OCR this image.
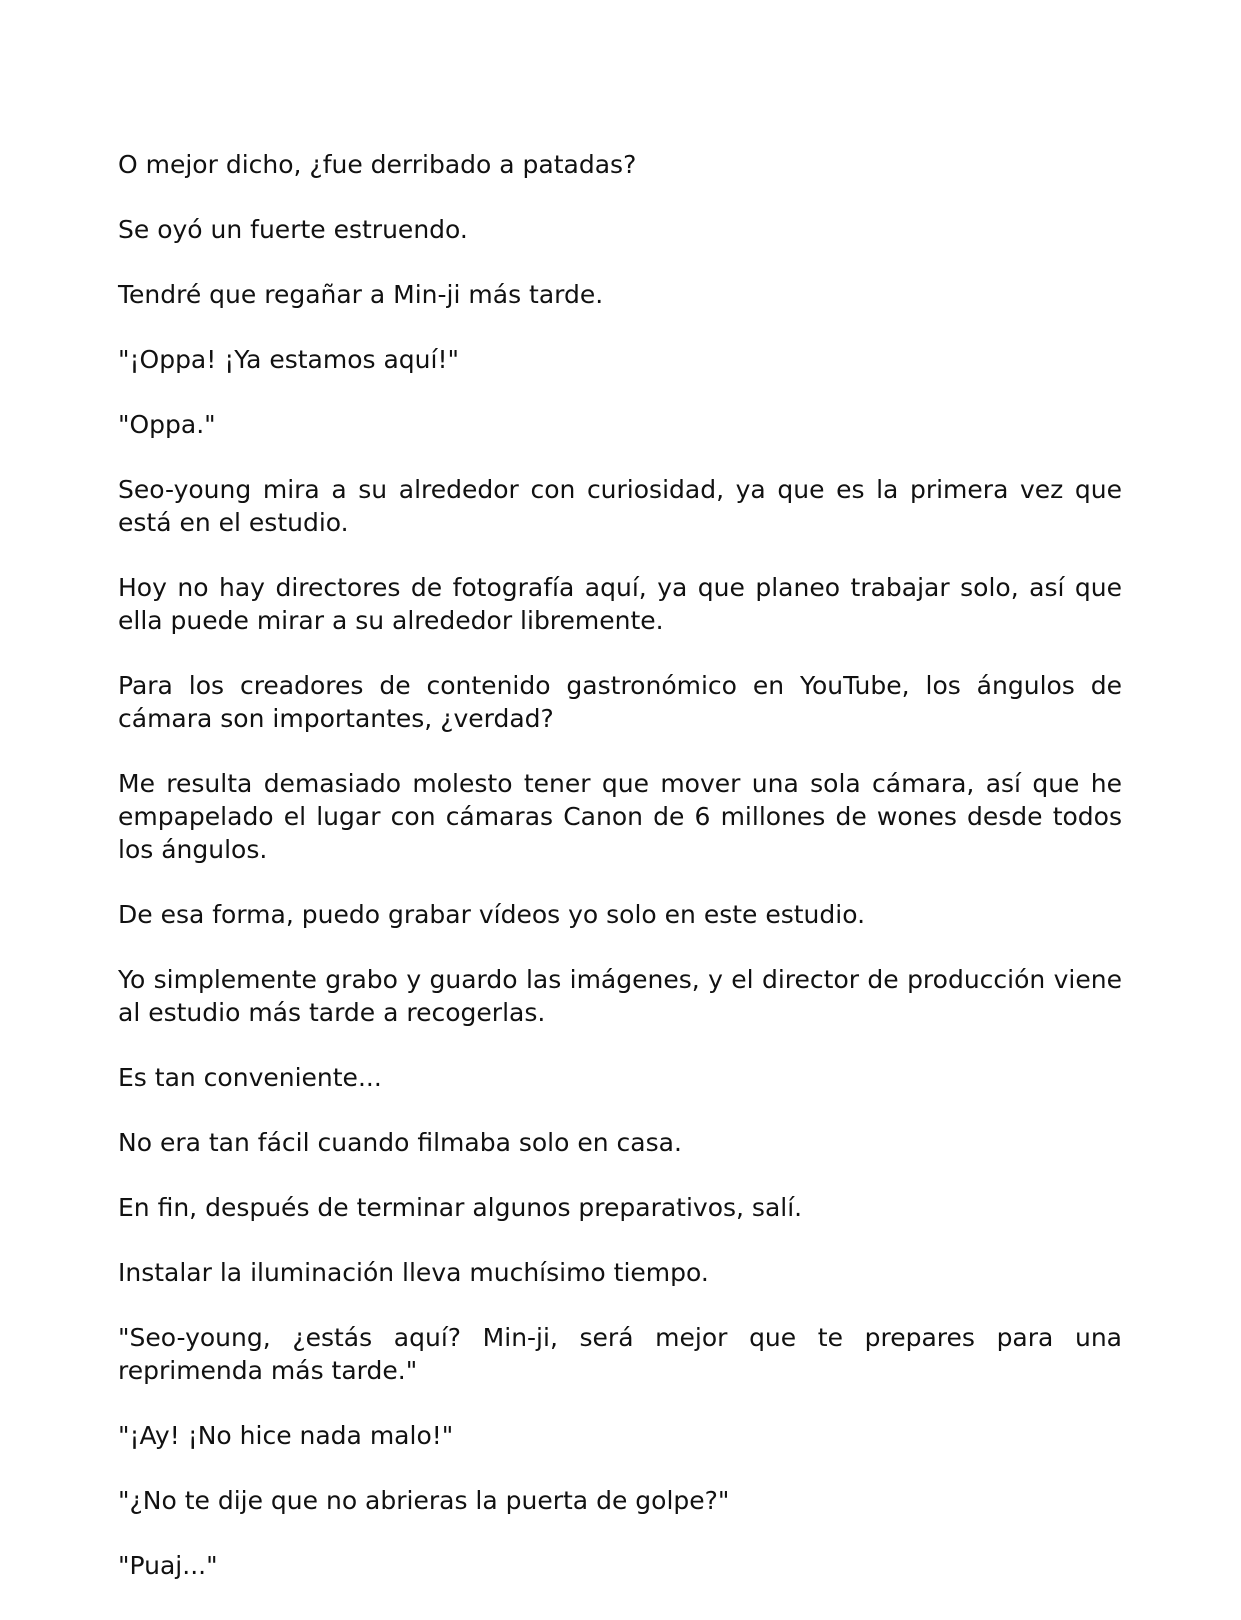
O mejor dicho, ¿fue derribado a patadas?

Se oyó un fuerte estruendo.

Tendré que regañar a Min-ji más tarde.

"¡Oppa! ¡Ya estamos aquí!"

"Oppa."

Seo-young mira a su alrededor con curiosidad, ya que es la primera vez que está en el estudio.

Hoy no hay directores de fotografía aquí, ya que planeo trabajar solo, así que ella puede mirar a su alrededor libremente.

Para los creadores de contenido gastronómico en YouTube, los ángulos de cámara son importantes, ¿verdad?

Me resulta demasiado molesto tener que mover una sola cámara, así que he empapelado el lugar con cámaras Canon de 6 millones de wones desde todos los ángulos.

De esa forma, puedo grabar vídeos yo solo en este estudio.

Yo simplemente grabo y guardo las imágenes, y el director de producción viene al estudio más tarde a recogerlas.

Es tan conveniente...

No era tan fácil cuando filmaba solo en casa.

En fin, después de terminar algunos preparativos, salí.

Instalar la iluminación lleva muchísimo tiempo.

"Seo-young, ¿estás aquí? Min-ji, será mejor que te prepares para una reprimenda más tarde."

"¡Ay! ¡No hice nada malo!"

"¿No te dije que no abrieras la puerta de golpe?"

"Puaj..."
